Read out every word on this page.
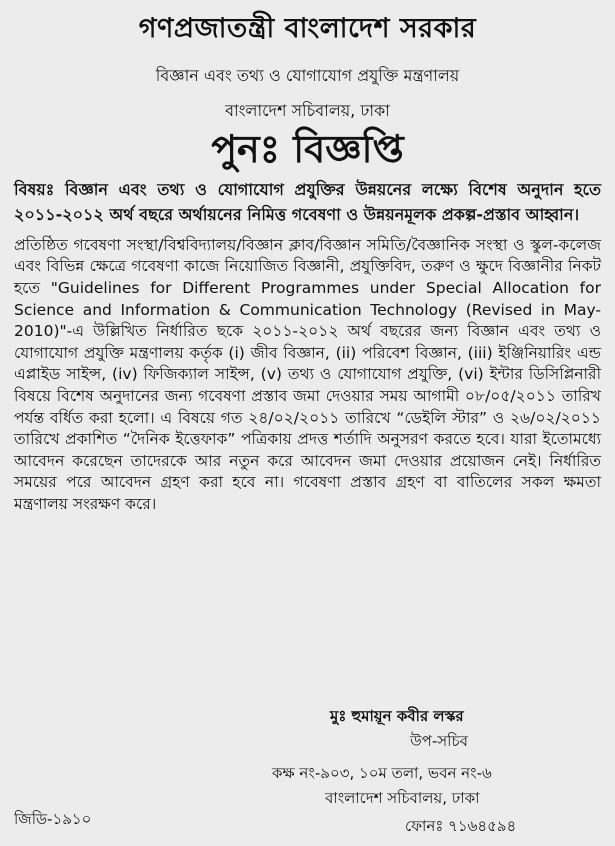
গণপ্রজাতন্ত্রী বাংলাদেশ সরকার
বিজ্ঞান এবং তথ্য ও যোগাযোগ প্রযুক্তি মন্ত্রণালয়
বাংলাদেশ সচিবালয়, ঢাকা
পুনঃ বিজ্ঞপ্তি
বিষয়ঃ বিজ্ঞান এবং তথ্য ও যোগাযোগ প্রযুক্তির উন্নয়নের লক্ষ্যে বিশেষ অনুদান হতে ২০১১-২০১২ অর্থ বছরে অর্থায়নের নিমিত্ত গবেষণা ও উন্নয়নমূলক প্রকল্প-প্রস্তাব আহ্বান।
প্রতিষ্ঠিত গবেষণা সংস্থা/বিশ্ববিদ্যালয়/বিজ্ঞান ক্লাব/বিজ্ঞান সমিতি/বৈজ্ঞানিক সংস্থা ও স্কুল-কলেজ এবং বিভিন্ন ক্ষেত্রে গবেষণা কাজে নিয়োজিত বিজ্ঞানী, প্রযুক্তিবিদ, তরুণ ও ক্ষুদে বিজ্ঞানীর নিকট হতে "Guidelines for Different Programmes under Special Allocation for Science and Information & Communication Technology (Revised in May-2010)"-এ উল্লিখিত নির্ধারিত ছকে ২০১১-২০১২ অর্থ বছরের জন্য বিজ্ঞান এবং তথ্য ও যোগাযোগ প্রযুক্তি মন্ত্রণালয় কর্তৃক (i) জীব বিজ্ঞান, (ii) পরিবেশ বিজ্ঞান, (iii) ইঞ্জিনিয়ারিং এন্ড এপ্লাইড সাইন্স, (iv) ফিজিক্যাল সাইন্স, (v) তথ্য ও যোগাযোগ প্রযুক্তি, (vi) ইন্টার ডিসিপ্লিনারী বিষয়ে বিশেষ অনুদানের জন্য গবেষণা প্রস্তাব জমা দেওয়ার সময় আগামী ০৮/০৫/২০১১ তারিখ পর্যন্ত বর্ধিত করা হলো। এ বিষয়ে গত ২৪/০২/২০১১ তারিখে “ডেইলি স্টার” ও ২৬/০২/২০১১ তারিখে প্রকাশিত “দৈনিক ইত্তেফাক” পত্রিকায় প্রদত্ত শর্তাদি অনুসরণ করতে হবে। যারা ইতোমধ্যে আবেদন করেছেন তাদেরকে আর নতুন করে আবেদন জমা দেওয়ার প্রয়োজন নেই। নির্ধারিত সময়ের পরে আবেদন গ্রহণ করা হবে না। গবেষণা প্রস্তাব গ্রহণ বা বাতিলের সকল ক্ষমতা মন্ত্রণালয় সংরক্ষণ করে।
মুঃ হুমায়ূন কবীর লস্কর
উপ-সচিব
কক্ষ নং-৯০৩, ১০ম তলা, ভবন নং-৬
বাংলাদেশ সচিবালয়, ঢাকা
জিডি-১৯১০	ফোনঃ ৭১৬৪৫৯৪
